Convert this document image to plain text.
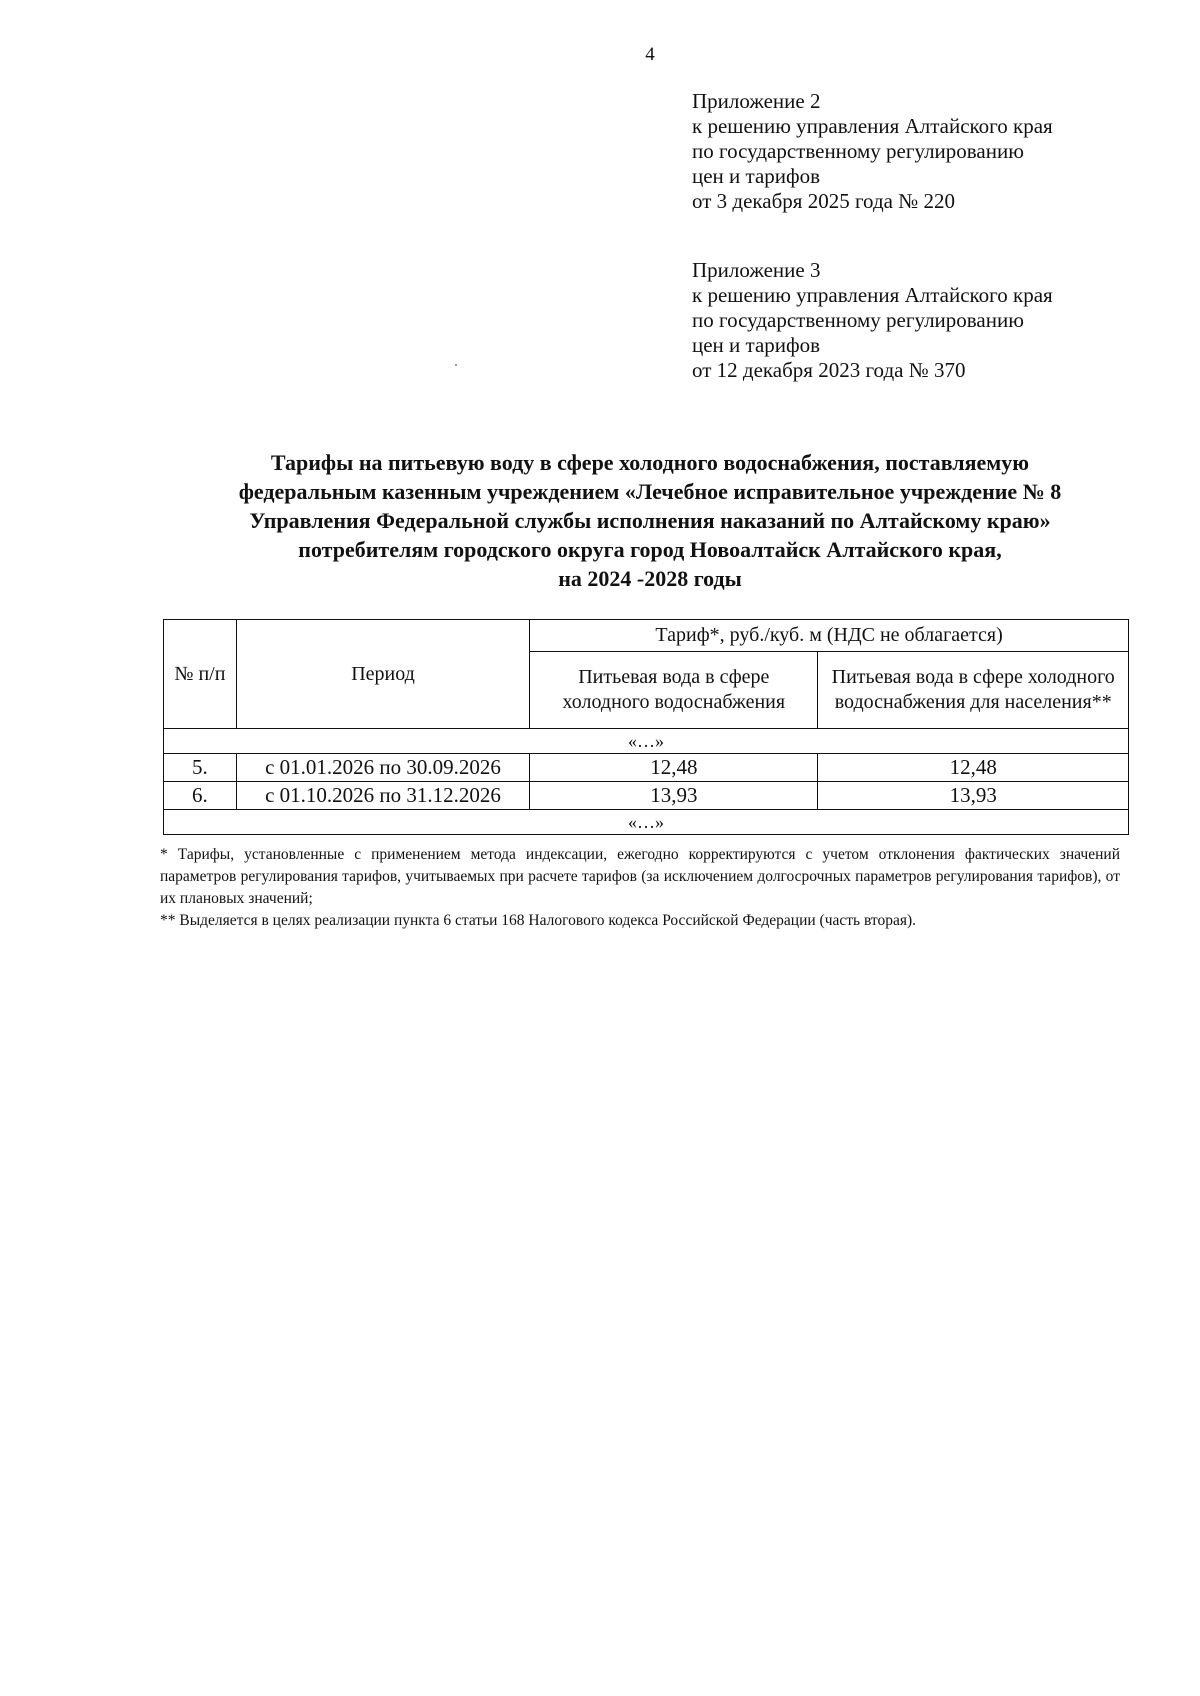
4
Приложение 2
к решению управления Алтайского края
по государственному регулированию
цен и тарифов
от 3 декабря 2025 года № 220
Приложение 3
к решению управления Алтайского края
по государственному регулированию
цен и тарифов
от 12 декабря 2023 года № 370
Тарифы на питьевую воду в сфере холодного водоснабжения, поставляемую
федеральным казенным учреждением «Лечебное исправительное учреждение № 8
Управления Федеральной службы исполнения наказаний по Алтайскому краю»
потребителям городского округа город Новоалтайск Алтайского края,
на 2024 -2028 годы
№ п/п	Период	Тариф*, руб./куб. м (НДС не облагается)	
		Питьевая вода в сфере холодного водоснабжения	Питьевая вода в сфере холодного водоснабжения для населения**
«…»			
5.	с 01.01.2026 по 30.09.2026	12,48	12,48
6.	с 01.10.2026 по 31.12.2026	13,93	13,93
«…»			
* Тарифы, установленные с применением метода индексации, ежегодно корректируются с учетом отклонения фактических значений параметров регулирования тарифов, учитываемых при расчете тарифов (за исключением долгосрочных параметров регулирования тарифов), от их плановых значений;
** Выделяется в целях реализации пункта 6 статьи 168 Налогового кодекса Российской Федерации (часть вторая).
